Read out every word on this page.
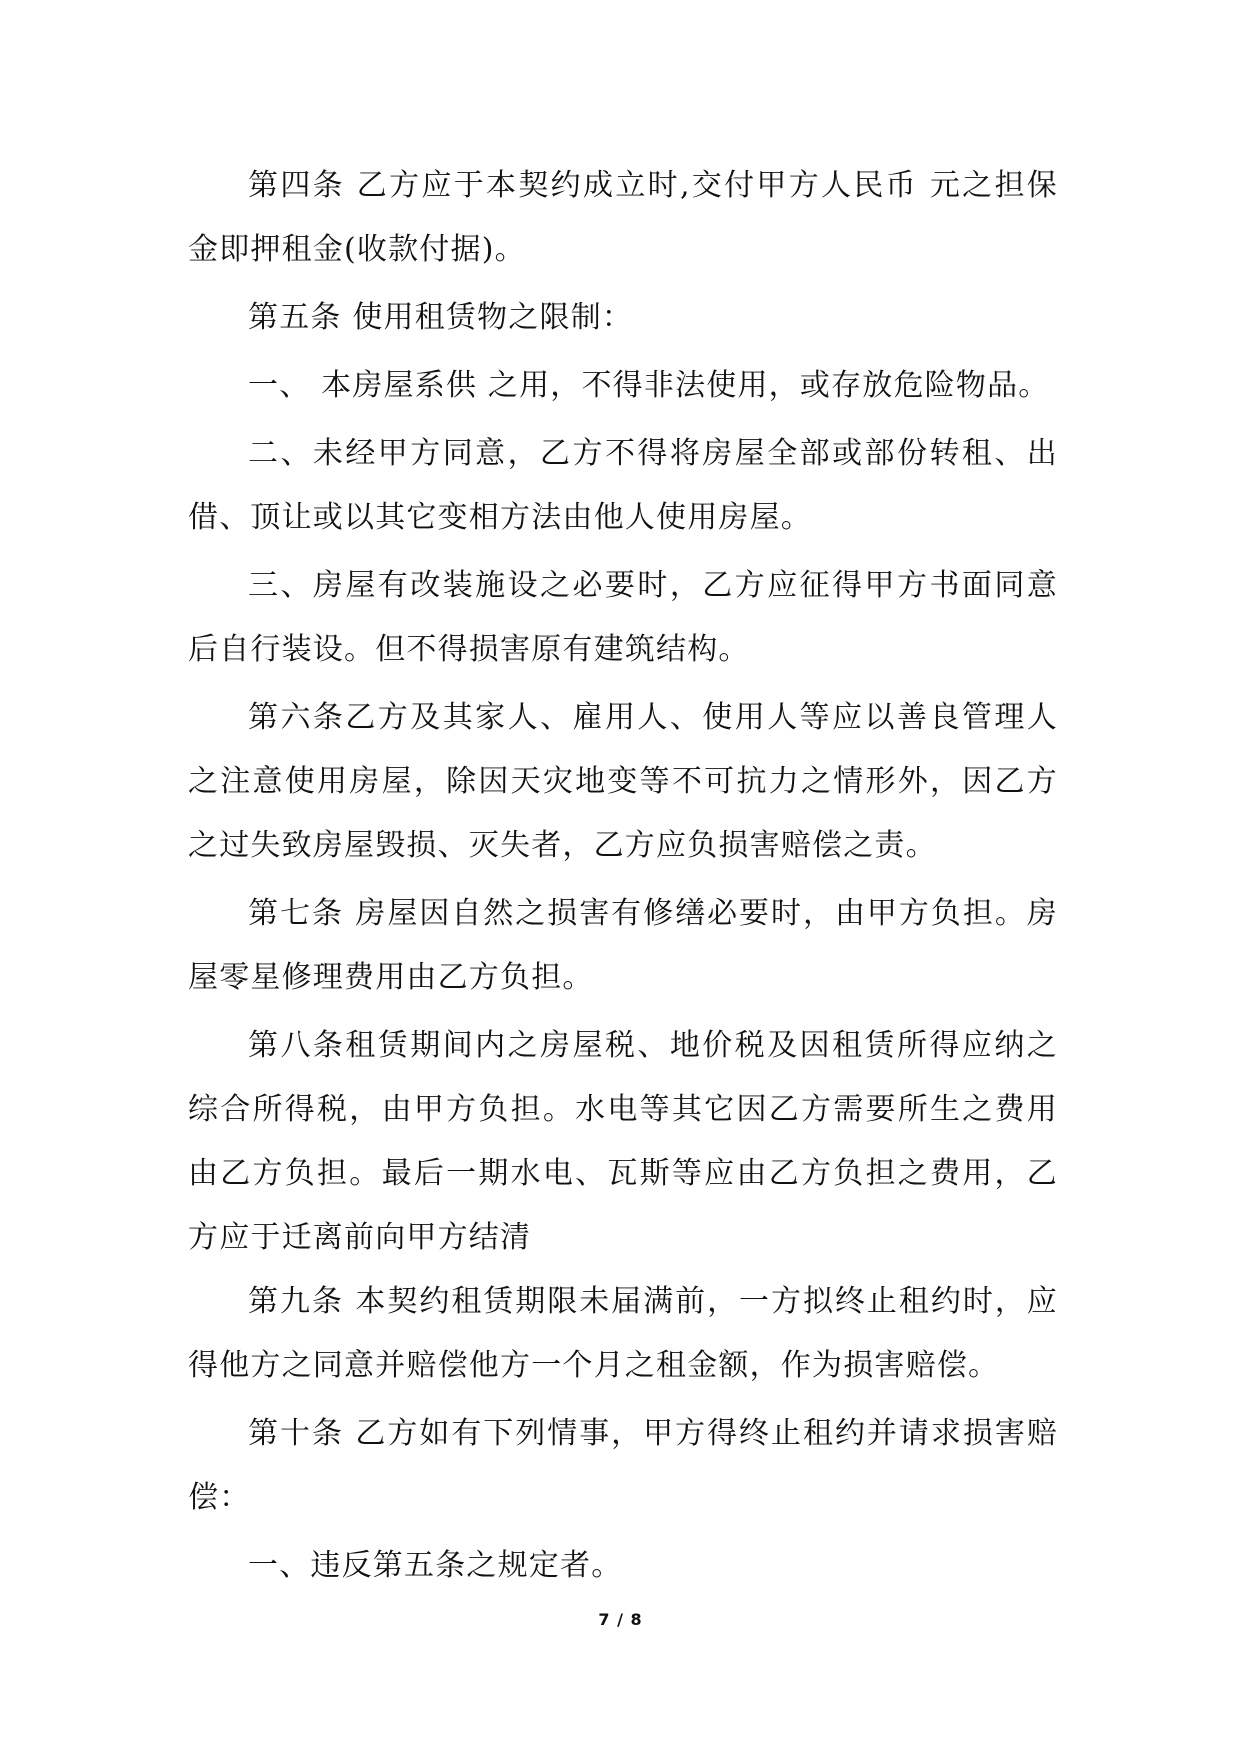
第四条 乙方应于本契约成立时,交付甲方人民币 元之担保金即押租金(收款付据)。

第五条 使用租赁物之限制：

一、 本房屋系供 之用，不得非法使用，或存放危险物品。

二、未经甲方同意，乙方不得将房屋全部或部份转租、出借、顶让或以其它变相方法由他人使用房屋。

三、房屋有改装施设之必要时，乙方应征得甲方书面同意后自行装设。但不得损害原有建筑结构。

第六条乙方及其家人、雇用人、使用人等应以善良管理人之注意使用房屋，除因天灾地变等不可抗力之情形外，因乙方之过失致房屋毁损、灭失者，乙方应负损害赔偿之责。

第七条 房屋因自然之损害有修缮必要时，由甲方负担。房屋零星修理费用由乙方负担。

第八条租赁期间内之房屋税、地价税及因租赁所得应纳之综合所得税，由甲方负担。水电等其它因乙方需要所生之费用由乙方负担。最后一期水电、瓦斯等应由乙方负担之费用，乙方应于迁离前向甲方结清

第九条 本契约租赁期限未届满前，一方拟终止租约时，应得他方之同意并赔偿他方一个月之租金额，作为损害赔偿。

第十条 乙方如有下列情事，甲方得终止租约并请求损害赔偿：

一、违反第五条之规定者。

7 / 8
